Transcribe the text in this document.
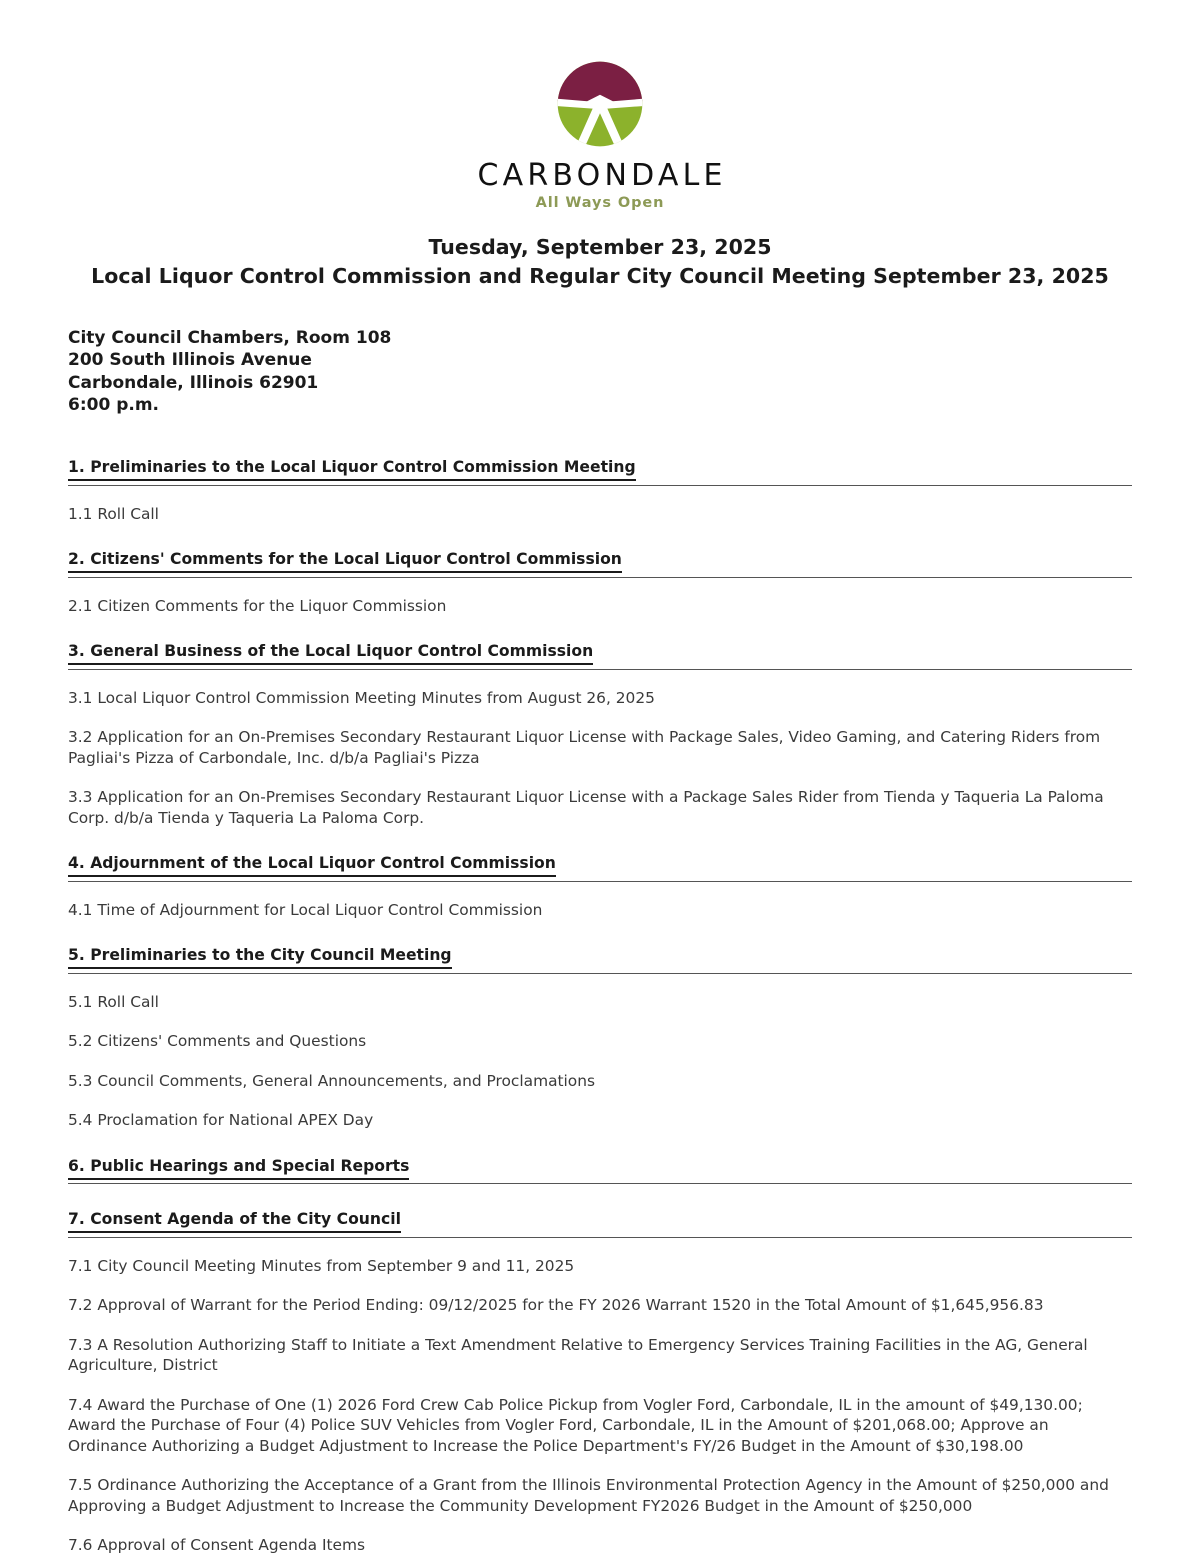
CARBONDALE
All Ways Open
Tuesday, September 23, 2025
Local Liquor Control Commission and Regular City Council Meeting September 23, 2025
City Council Chambers, Room 108
200 South Illinois Avenue
Carbondale, Illinois 62901
6:00 p.m.
1. Preliminaries to the Local Liquor Control Commission Meeting
1.1 Roll Call
2. Citizens' Comments for the Local Liquor Control Commission
2.1 Citizen Comments for the Liquor Commission
3. General Business of the Local Liquor Control Commission
3.1 Local Liquor Control Commission Meeting Minutes from August 26, 2025
3.2 Application for an On-Premises Secondary Restaurant Liquor License with Package Sales, Video Gaming, and Catering Riders from Pagliai's Pizza of Carbondale, Inc. d/b/a Pagliai's Pizza
3.3 Application for an On-Premises Secondary Restaurant Liquor License with a Package Sales Rider from Tienda y Taqueria La Paloma Corp. d/b/a Tienda y Taqueria La Paloma Corp.
4. Adjournment of the Local Liquor Control Commission
4.1 Time of Adjournment for Local Liquor Control Commission
5. Preliminaries to the City Council Meeting
5.1 Roll Call
5.2 Citizens' Comments and Questions
5.3 Council Comments, General Announcements, and Proclamations
5.4 Proclamation for National APEX Day
6. Public Hearings and Special Reports
7. Consent Agenda of the City Council
7.1 City Council Meeting Minutes from September 9 and 11, 2025
7.2 Approval of Warrant for the Period Ending: 09/12/2025 for the FY 2026 Warrant 1520 in the Total Amount of $1,645,956.83
7.3 A Resolution Authorizing Staff to Initiate a Text Amendment Relative to Emergency Services Training Facilities in the AG, General Agriculture, District
7.4 Award the Purchase of One (1) 2026 Ford Crew Cab Police Pickup from Vogler Ford, Carbondale, IL in the amount of $49,130.00; Award the Purchase of Four (4) Police SUV Vehicles from Vogler Ford, Carbondale, IL in the Amount of $201,068.00; Approve an Ordinance Authorizing a Budget Adjustment to Increase the Police Department's FY/26 Budget in the Amount of $30,198.00
7.5 Ordinance Authorizing the Acceptance of a Grant from the Illinois Environmental Protection Agency in the Amount of $250,000 and Approving a Budget Adjustment to Increase the Community Development FY2026 Budget in the Amount of $250,000
7.6 Approval of Consent Agenda Items
